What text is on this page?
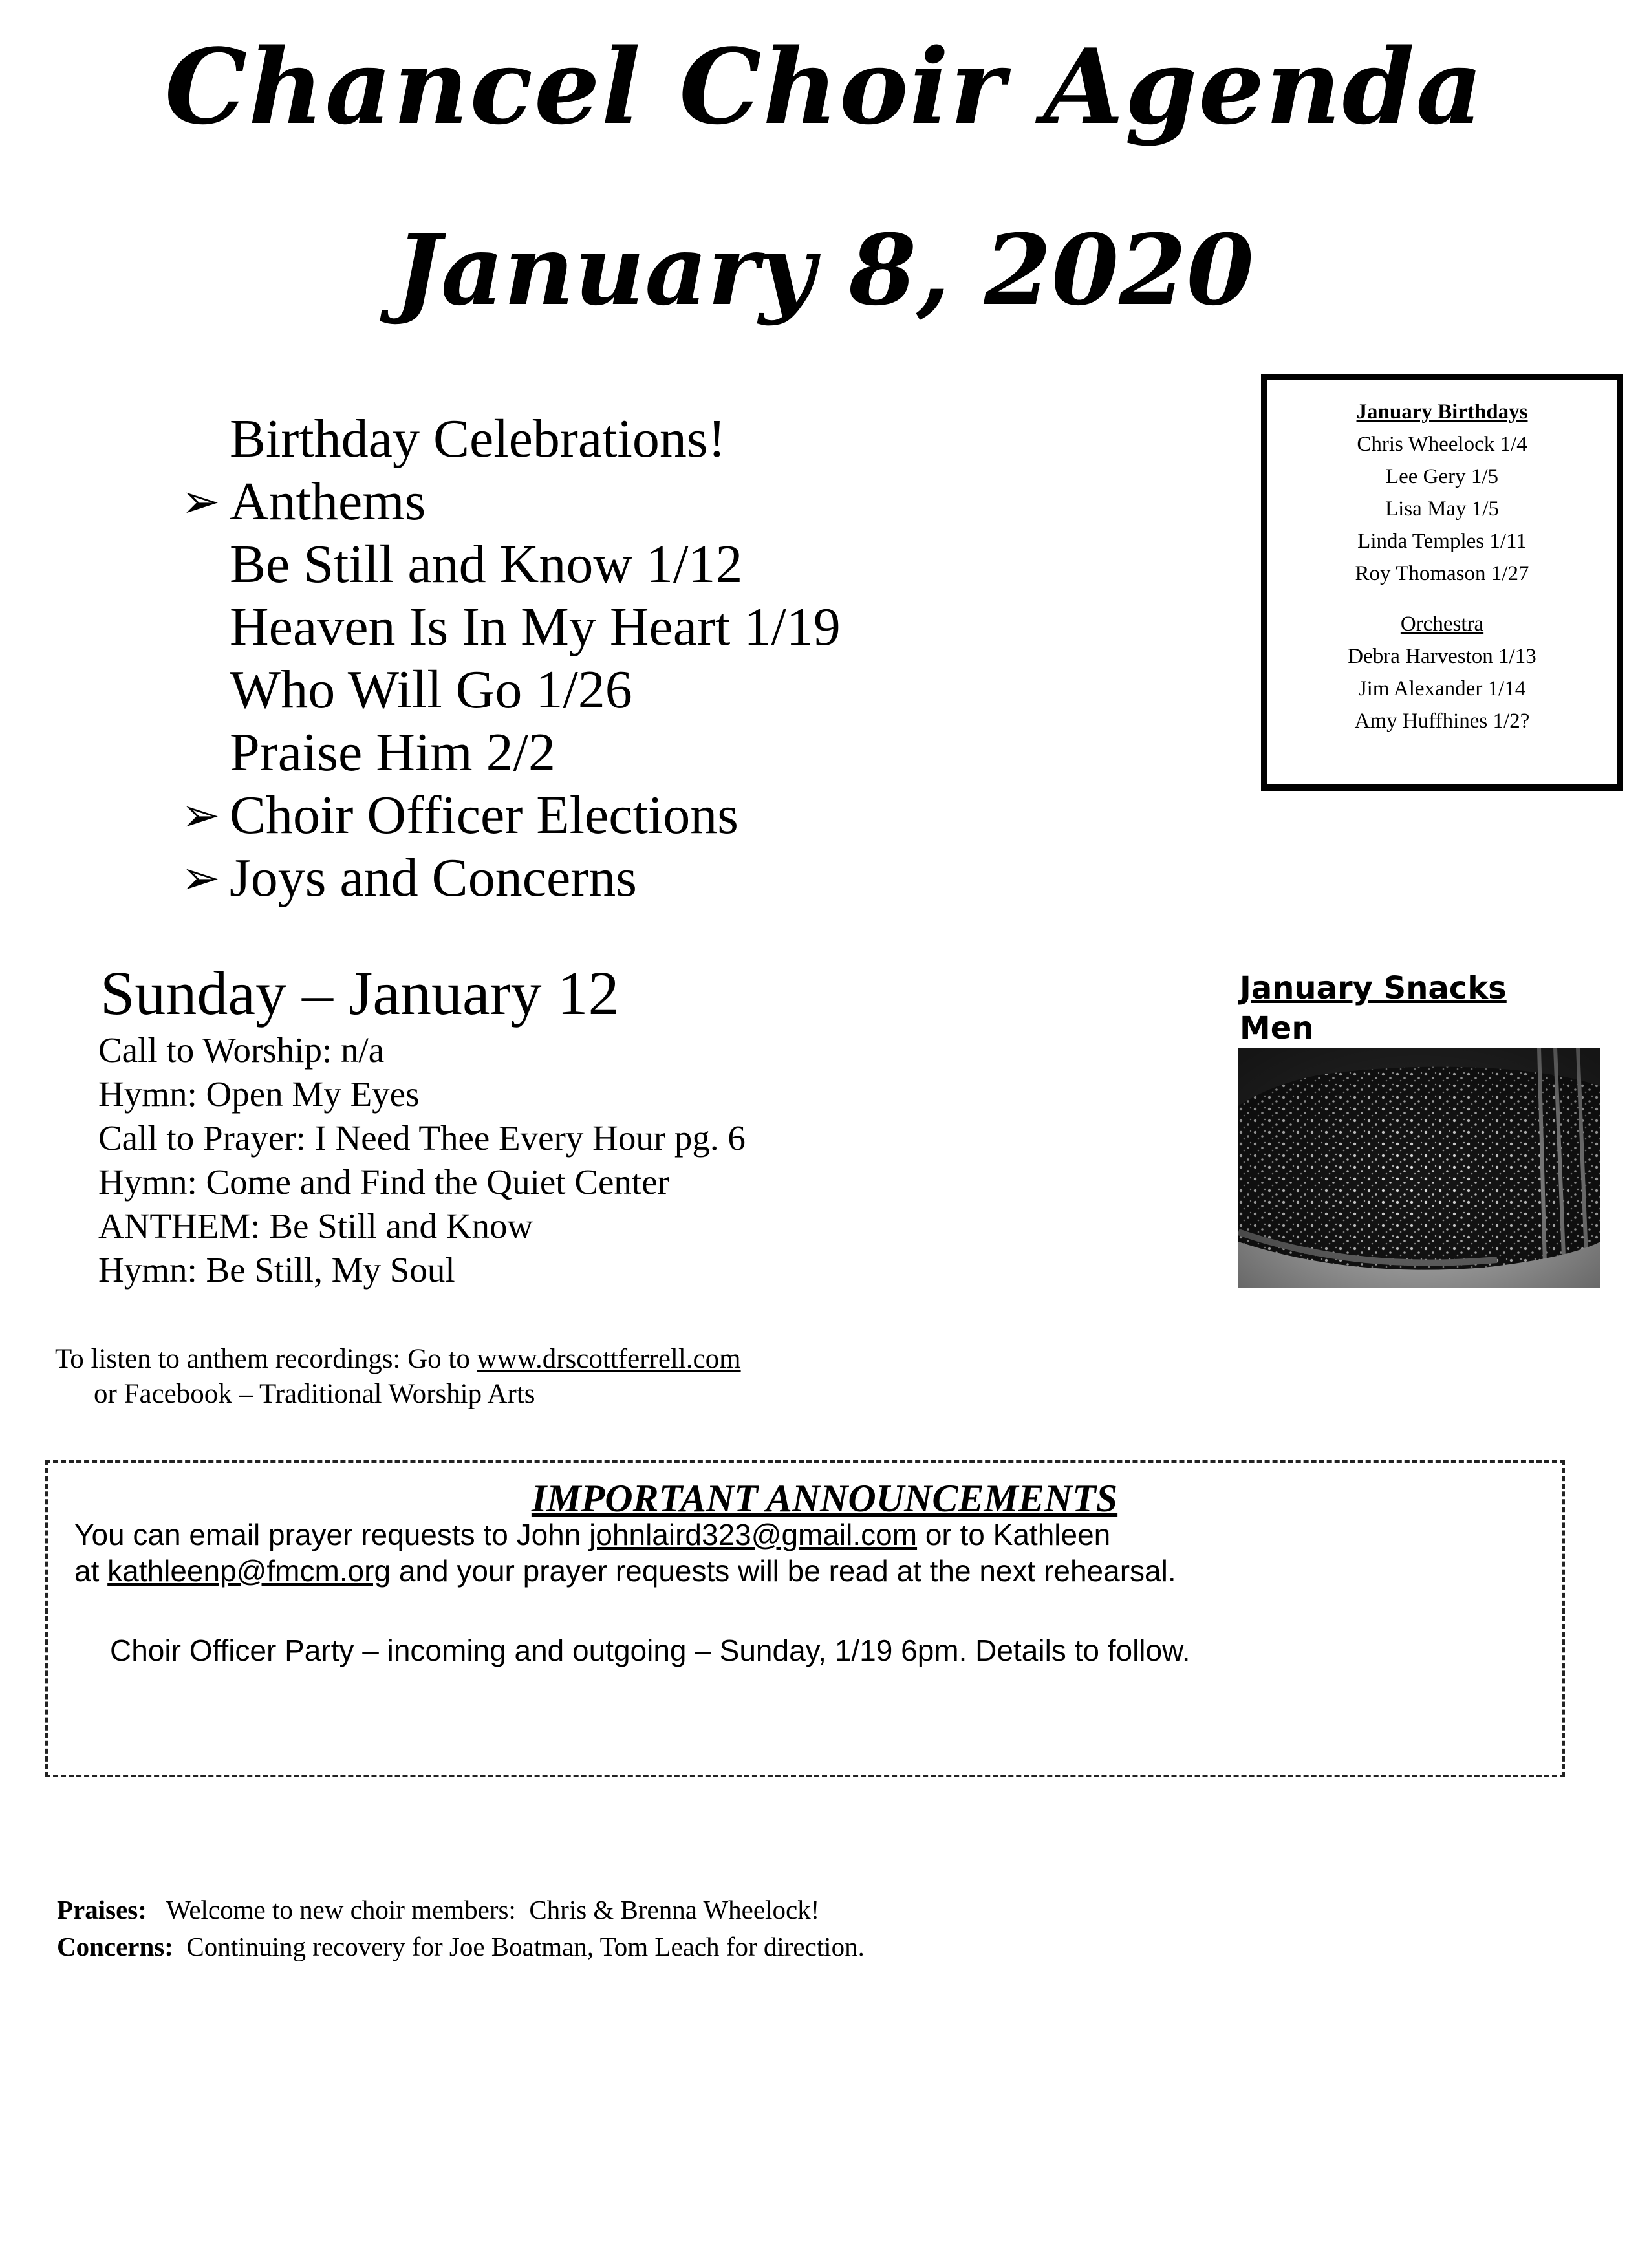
Chancel Choir Agenda
January 8, 2020
Birthday Celebrations!
➢ Anthems
Be Still and Know 1/12
Heaven Is In My Heart 1/19
Who Will Go 1/26
Praise Him 2/2
➢ Choir Officer Elections
➢ Joys and Concerns
January Birthdays
Chris Wheelock 1/4
Lee Gery 1/5
Lisa May 1/5
Linda Temples 1/11
Roy Thomason 1/27
Orchestra
Debra Harveston 1/13
Jim Alexander 1/14
Amy Huffhines 1/2?
Sunday – January 12
Call to Worship: n/a
Hymn: Open My Eyes
Call to Prayer: I Need Thee Every Hour pg. 6
Hymn: Come and Find the Quiet Center
ANTHEM: Be Still and Know
Hymn: Be Still, My Soul
January Snacks
Men
To listen to anthem recordings: Go to www.drscottferrell.com
or Facebook – Traditional Worship Arts
IMPORTANT ANNOUNCEMENTS
You can email prayer requests to John johnlaird323@gmail.com or to Kathleen
at kathleenp@fmcm.org and your prayer requests will be read at the next rehearsal.
Choir Officer Party – incoming and outgoing – Sunday, 1/19 6pm. Details to follow.
Praises:   Welcome to new choir members:  Chris & Brenna Wheelock!
Concerns:  Continuing recovery for Joe Boatman, Tom Leach for direction.
